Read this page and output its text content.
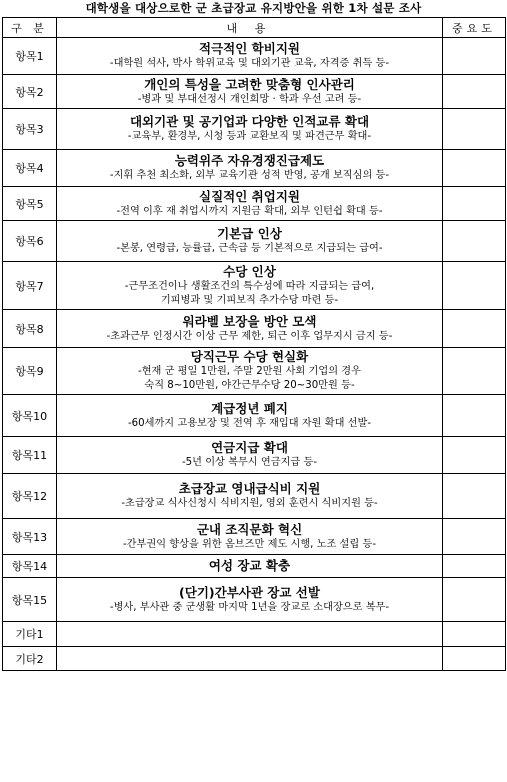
대학생을 대상으로한 군 초급장교 유지방안을 위한 1차 설문 조사
구 분	내 용	중요도
항목1	적극적인 학비지원
-대학원 석사, 박사 학위교육 및 대외기관 교육, 자격증 취득 등-	

항목2	개인의 특성을 고려한 맞춤형 인사관리
-병과 및 부대선정시 개인희망 · 학과 우선 고려 등-	

항목3	대외기관 및 공기업과 다양한 인적교류 확대
-교육부, 환경부, 시청 등과 교환보직 및 파견근무 확대-	

항목4	능력위주 자유경쟁진급제도
-지휘 추천 최소화, 외부 교육기관 성적 반영, 공개 보직심의 등-	

항목5	실질적인 취업지원
-전역 이후 재 취업시까지 지원금 확대, 외부 인턴쉽 확대 등-	

항목6	기본급 인상
-본봉, 연령급, 능률급, 근속급 등 기본적으로 지급되는 급여-	

항목7	수당 인상
-근무조건이나 생활조건의 특수성에 따라 지급되는 급여,
기피병과 및 기피보직 추가수당 마련 등-	

항목8	워라벨 보장을 방안 모색
-초과근무 인정시간 이상 근무 제한, 퇴근 이후 업무지시 금지 등-	

항목9	당직근무 수당 현실화
-현재 군 평일 1만원, 주말 2만원 사회 기업의 경우
숙직 8~10만원, 야간근무수당 20~30만원 등-	

항목10	계급정년 폐지
-60세까지 고용보장 및 전역 후 재입대 자원 확대 선발-	

항목11	연금지급 확대
-5년 이상 복무시 연금지급 등-	

항목12	초급장교 영내급식비 지원
-초급장교 식사신청시 식비지원, 영외 훈련시 식비지원 등-	

항목13	군내 조직문화 혁신
-간부권익 향상을 위한 옴브즈만 제도 시행, 노조 설립 등-	

항목14	여성 장교 확충	

항목15	(단기)간부사관 장교 선발
-병사, 부사관 중 군생활 마지막 1년을 장교로 소대장으로 복무-	

기타1		
기타2		
